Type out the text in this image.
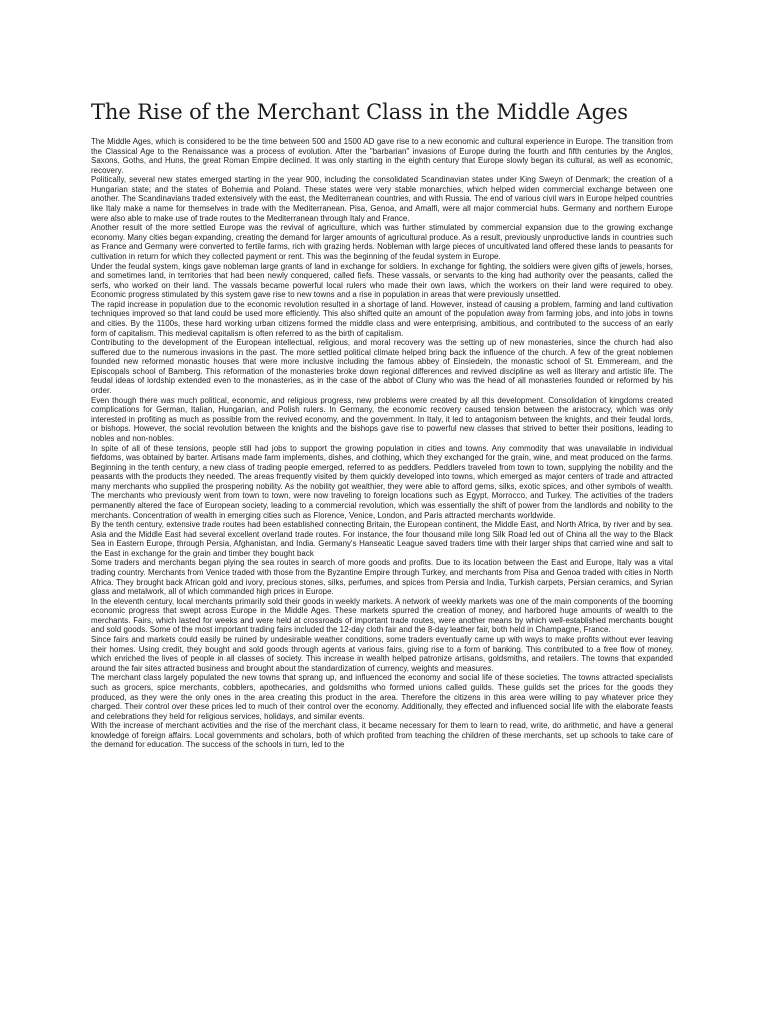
The Rise of the Merchant Class in the Middle Ages

The Middle Ages, which is considered to be the time between 500 and 1500 AD gave rise to a new economic and cultural experience in Europe. The transition from the Classical Age to the Renaissance was a process of evolution. After the "barbarian" invasions of Europe during the fourth and fifth centuries by the Anglos, Saxons, Goths, and Huns, the great Roman Empire declined. It was only starting in the eighth century that Europe slowly began its cultural, as well as economic, recovery.

Politically, several new states emerged starting in the year 900, including the consolidated Scandinavian states under King Sweyn of Denmark; the creation of a Hungarian state; and the states of Bohemia and Poland. These states were very stable monarchies, which helped widen commercial exchange between one another. The Scandinavians traded extensively with the east, the Mediterranean countries, and with Russia. The end of various civil wars in Europe helped countries like Italy make a name for themselves in trade with the Mediterranean. Pisa, Genoa, and Amalfi, were all major commercial hubs. Germany and northern Europe were also able to make use of trade routes to the Mediterranean through Italy and France.

Another result of the more settled Europe was the revival of agriculture, which was further stimulated by commercial expansion due to the growing exchange economy. Many cities began expanding, creating the demand for larger amounts of agricultural produce. As a result, previously unproductive lands in countries such as France and Germany were converted to fertile farms, rich with grazing herds. Nobleman with large pieces of uncultivated land offered these lands to peasants for cultivation in return for which they collected payment or rent. This was the beginning of the feudal system in Europe.

Under the feudal system, kings gave nobleman large grants of land in exchange for soldiers. In exchange for fighting, the soldiers were given gifts of jewels, horses, and sometimes land, in territories that had been newly conquered, called fiefs. These vassals, or servants to the king had authority over the peasants, called the serfs, who worked on their land. The vassals became powerful local rulers who made their own laws, which the workers on their land were required to obey. Economic progress stimulated by this system gave rise to new towns and a rise in population in areas that were previously unsettled.

The rapid increase in population due to the economic revolution resulted in a shortage of land. However, instead of causing a problem, farming and land cultivation techniques improved so that land could be used more efficiently. This also shifted quite an amount of the population away from farming jobs, and into jobs in towns and cities. By the 1100s, these hard working urban citizens formed the middle class and were enterprising, ambitious, and contributed to the success of an early form of capitalism. This medieval capitalism is often referred to as the birth of capitalism.

Contributing to the development of the European intellectual, religious, and moral recovery was the setting up of new monasteries, since the church had also suffered due to the numerous invasions in the past. The more settled political climate helped bring back the influence of the church. A few of the great noblemen founded new reformed monastic houses that were more inclusive including the famous abbey of Einsiedeln, the monastic school of St. Emmeream, and the Episcopals school of Bamberg. This reformation of the monasteries broke down regional differences and revived discipline as well as literary and artistic life. The feudal ideas of lordship extended even to the monasteries, as in the case of the abbot of Cluny who was the head of all monasteries founded or reformed by his order.

Even though there was much political, economic, and religious progress, new problems were created by all this development. Consolidation of kingdoms created complications for German, Italian, Hungarian, and Polish rulers. In Germany, the economic recovery caused tension between the aristocracy, which was only interested in profiting as much as possible from the revived economy, and the government. In Italy, it led to antagonism between the knights, and their feudal lords, or bishops. However, the social revolution between the knights and the bishops gave rise to powerful new classes that strived to better their positions, leading to nobles and non-nobles.

In spite of all of these tensions, people still had jobs to support the growing population in cities and towns. Any commodity that was unavailable in individual fiefdoms, was obtained by barter. Artisans made farm implements, dishes, and clothing, which they exchanged for the grain, wine, and meat produced on the farms. Beginning in the tenth century, a new class of trading people emerged, referred to as peddlers. Peddlers traveled from town to town, supplying the nobility and the peasants with the products they needed. The areas frequently visited by them quickly developed into towns, which emerged as major centers of trade and attracted many merchants who supplied the prospering nobility. As the nobility got wealthier, they were able to afford gems, silks, exotic spices, and other symbols of wealth. The merchants who previously went from town to town, were now traveling to foreign locations such as Egypt, Morrocco, and Turkey. The activities of the traders permanently altered the face of European society, leading to a commercial revolution, which was essentially the shift of power from the landlords and nobility to the merchants. Concentration of wealth in emerging cities such as Florence, Venice, London, and Paris attracted merchants worldwide.

By the tenth century, extensive trade routes had been established connecting Britain, the European continent, the Middle East, and North Africa, by river and by sea. Asia and the Middle East had several excellent overland trade routes. For instance, the four thousand mile long Silk Road led out of China all the way to the Black Sea in Eastern Europe, through Persia, Afghanistan, and India. Germany's Hanseatic League saved traders time with their larger ships that carried wine and salt to the East in exchange for the grain and timber they bought back

Some traders and merchants began plying the sea routes in search of more goods and profits. Due to its location between the East and Europe, Italy was a vital trading country. Merchants from Venice traded with those from the Byzantine Empire through Turkey, and merchants from Pisa and Genoa traded with cities in North Africa. They brought back African gold and ivory, precious stones, silks, perfumes, and spices from Persia and India, Turkish carpets, Persian ceramics, and Syrian glass and metalwork, all of which commanded high prices in Europe.

In the eleventh century, local merchants primarily sold their goods in weekly markets. A network of weekly markets was one of the main components of the booming economic progress that swept across Europe in the Middle Ages. These markets spurred the creation of money, and harbored huge amounts of wealth to the merchants. Fairs, which lasted for weeks and were held at crossroads of important trade routes, were another means by which well-established merchants bought and sold goods. Some of the most important trading fairs included the 12-day cloth fair and the 8-day leather fair, both held in Champagne, France.

Since fairs and markets could easily be ruined by undesirable weather conditions, some traders eventually came up with ways to make profits without ever leaving their homes. Using credit, they bought and sold goods through agents at various fairs, giving rise to a form of banking. This contributed to a free flow of money, which enriched the lives of people in all classes of society. This increase in wealth helped patronize artisans, goldsmiths, and retailers. The towns that expanded around the fair sites attracted business and brought about the standardization of currency, weights and measures.

The merchant class largely populated the new towns that sprang up, and influenced the economy and social life of these societies. The towns attracted specialists such as grocers, spice merchants, cobblers, apothecaries, and goldsmiths who formed unions called guilds. These guilds set the prices for the goods they produced, as they were the only ones in the area creating this product in the area. Therefore the citizens in this area were willing to pay whatever price they charged. Their control over these prices led to much of their control over the economy. Additionally, they effected and influenced social life with the elaborate feasts and celebrations they held for religious services, holidays, and similar events.

With the increase of merchant activities and the rise of the merchant class, it became necessary for them to learn to read, write, do arithmetic, and have a general knowledge of foreign affairs. Local governments and scholars, both of which profited from teaching the children of these merchants, set up schools to take care of the demand for education. The success of the schools in turn, led to the
